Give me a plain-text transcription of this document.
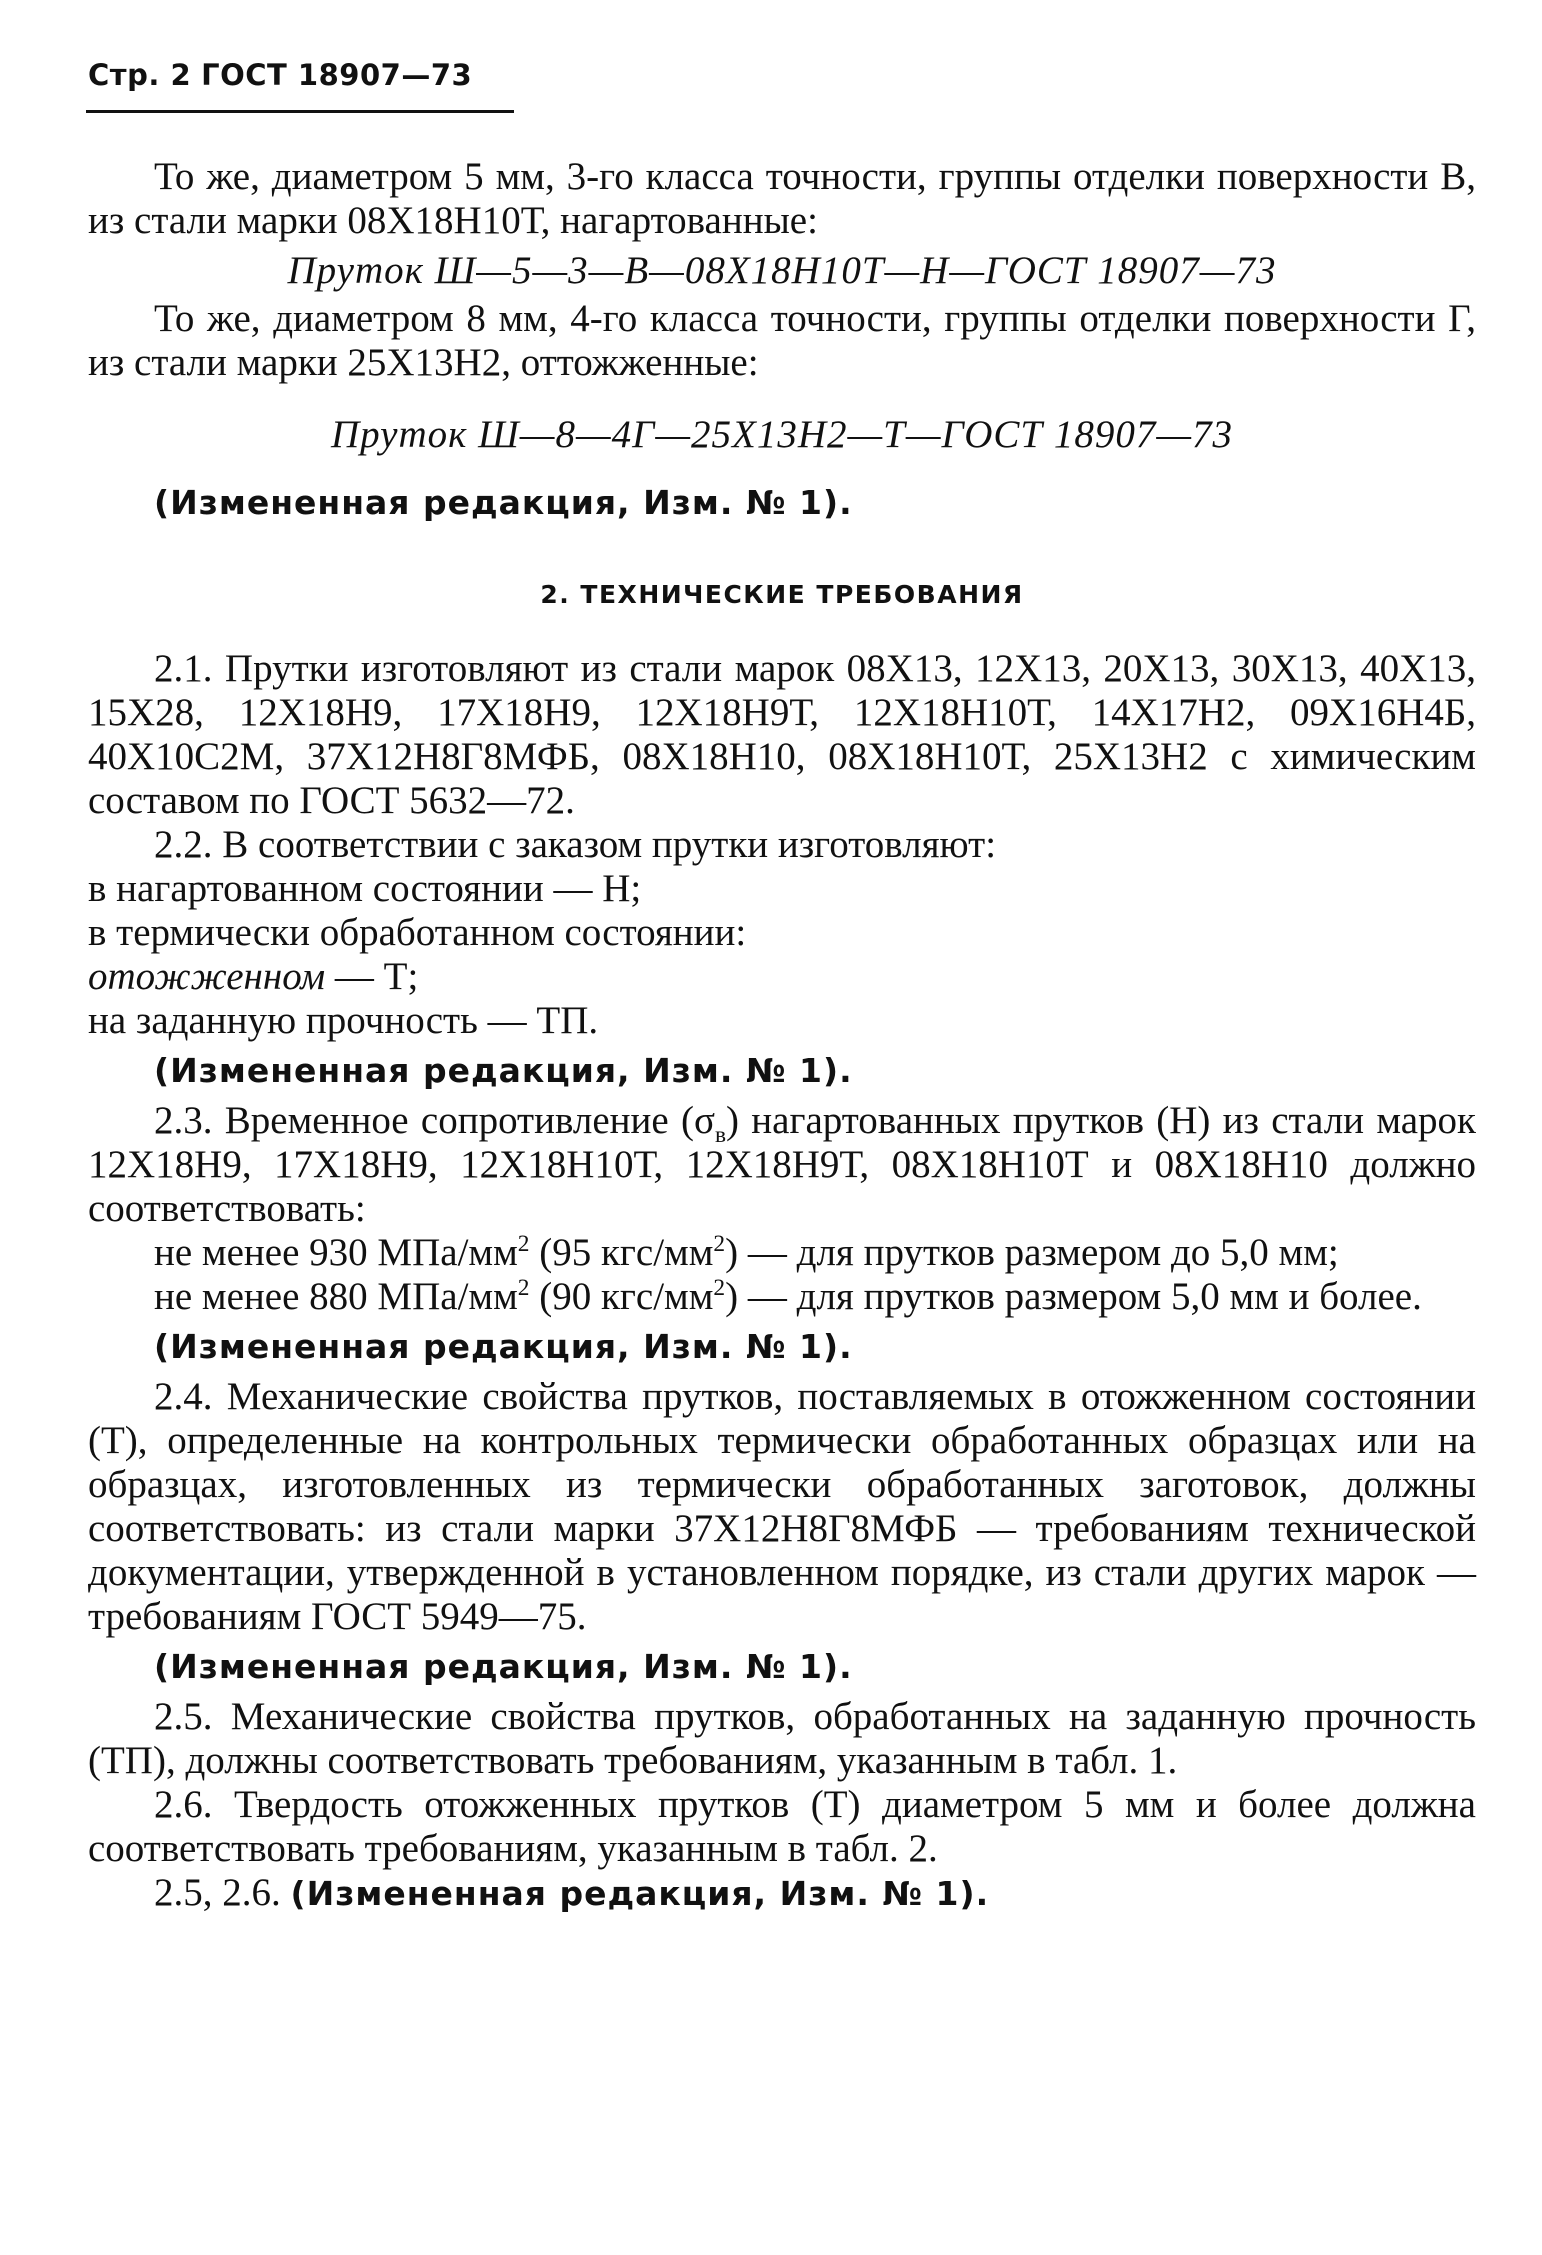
Стр. 2 ГОСТ 18907—73

То же, диаметром 5 мм, 3-го класса точности, группы отделки поверхности В, из стали марки 08Х18Н10Т, нагартованные:

Пруток Ш—5—3—В—08Х18Н10Т—Н—ГОСТ 18907—73

То же, диаметром 8 мм, 4-го класса точности, группы отделки поверхности Г, из стали марки 25Х13Н2, оттожженные:

Пруток Ш—8—4Г—25Х13Н2—Т—ГОСТ 18907—73

(Измененная редакция, Изм. № 1).

2. ТЕХНИЧЕСКИЕ ТРЕБОВАНИЯ

2.1. Прутки изготовляют из стали марок 08Х13, 12Х13, 20Х13, 30Х13, 40Х13, 15Х28, 12Х18Н9, 17Х18Н9, 12Х18Н9Т, 12Х18Н10Т, 14Х17Н2, 09Х16Н4Б, 40Х10С2М, 37Х12Н8Г8МФБ, 08Х18Н10, 08Х18Н10Т, 25Х13Н2 с химическим составом по ГОСТ 5632—72.

2.2. В соответствии с заказом прутки изготовляют:

в нагартованном состоянии — Н;

в термически обработанном состоянии:

отожженном — Т;

на заданную прочность — ТП.

(Измененная редакция, Изм. № 1).

2.3. Временное сопротивление $(\sigma_в)$ нагартованных прутков (Н) из стали марок 12Х18Н9, 17Х18Н9, 12Х18Н10Т, 12Х18Н9Т, 08Х18Н10Т и 08Х18Н10 должно соответствовать:

не менее 930 МПа/$мм^2$ (95 кгс/$мм^2$) — для прутков размером до 5,0 мм;

не менее 880 МПа/$мм^2$ (90 кгс/$мм^2$) — для прутков размером 5,0 мм и более.

(Измененная редакция, Изм. № 1).

2.4. Механические свойства прутков, поставляемых в отожженном состоянии (Т), определенные на контрольных термически обработанных образцах или на образцах, изготовленных из термически обработанных заготовок, должны соответствовать: из стали марки 37Х12Н8Г8МФБ — требованиям технической документации, утвержденной в установленном порядке, из стали других марок — требованиям ГОСТ 5949—75.

(Измененная редакция, Изм. № 1).

2.5. Механические свойства прутков, обработанных на заданную прочность (ТП), должны соответствовать требованиям, указанным в табл. 1.

2.6. Твердость отожженных прутков (Т) диаметром 5 мм и более должна соответствовать требованиям, указанным в табл. 2.

2.5, 2.6. (Измененная редакция, Изм. № 1).
